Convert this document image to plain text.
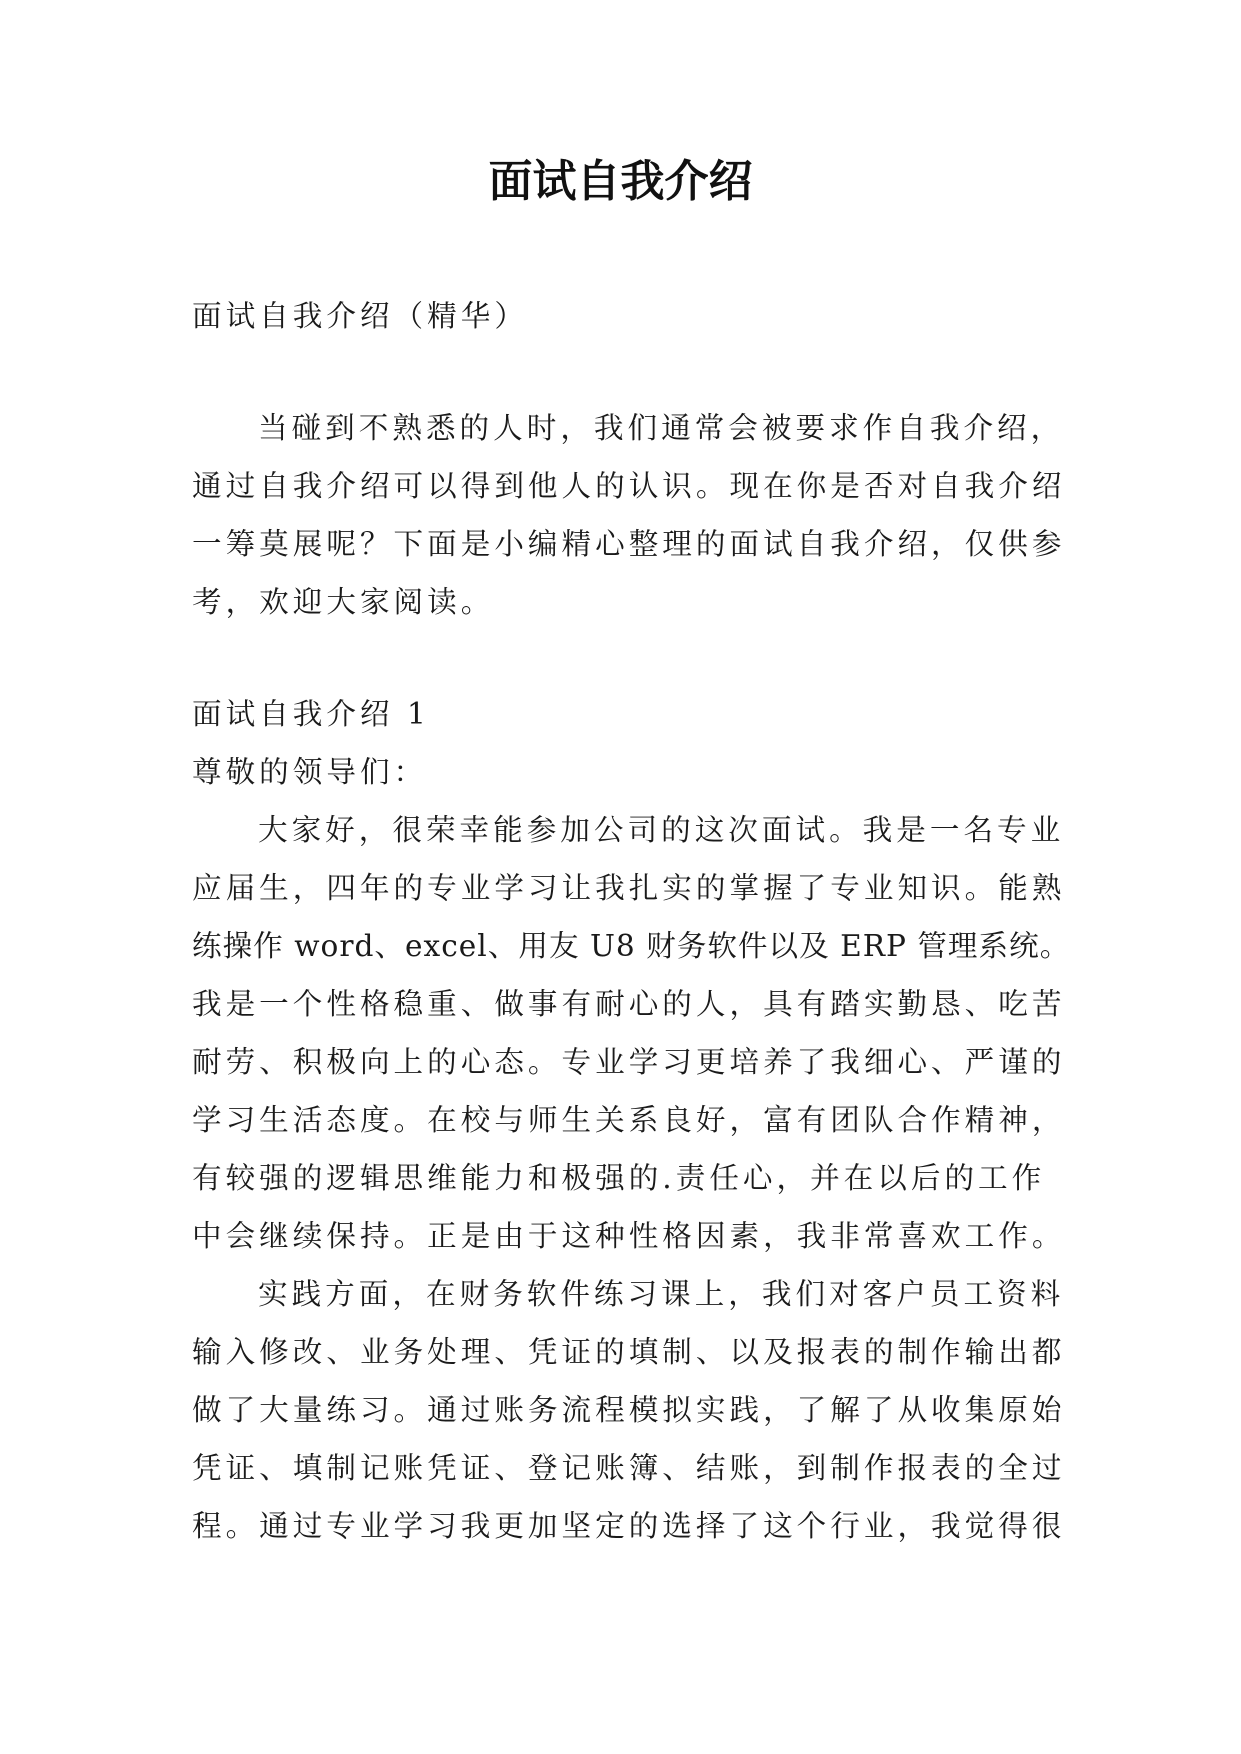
面试自我介绍
面试自我介绍（精华）
当碰到不熟悉的人时，我们通常会被要求作自我介绍，
通过自我介绍可以得到他人的认识。现在你是否对自我介绍
一筹莫展呢？下面是小编精心整理的面试自我介绍，仅供参
考，欢迎大家阅读。
面试自我介绍 1
尊敬的领导们：
大家好，很荣幸能参加公司的这次面试。我是一名专业
应届生，四年的专业学习让我扎实的掌握了专业知识。能熟
练操作 word、excel、用友 U8 财务软件以及 ERP 管理系统。
我是一个性格稳重、做事有耐心的人，具有踏实勤恳、吃苦
耐劳、积极向上的心态。专业学习更培养了我细心、严谨的
学习生活态度。在校与师生关系良好，富有团队合作精神，
有较强的逻辑思维能力和极强的.责任心，并在以后的工作
中会继续保持。正是由于这种性格因素，我非常喜欢工作。
实践方面，在财务软件练习课上，我们对客户员工资料
输入修改、业务处理、凭证的填制、以及报表的制作输出都
做了大量练习。通过账务流程模拟实践，了解了从收集原始
凭证、填制记账凭证、登记账簿、结账，到制作报表的全过
程。通过专业学习我更加坚定的选择了这个行业，我觉得很
